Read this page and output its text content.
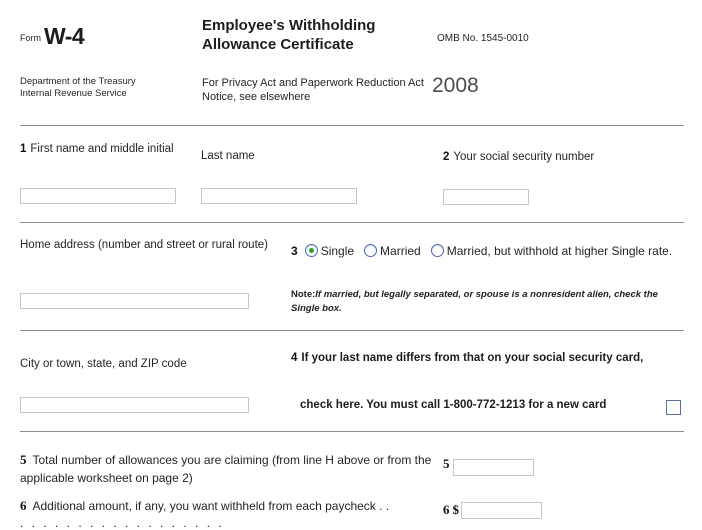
Form W-4
Department of the Treasury
Internal Revenue Service
Employee's Withholding Allowance Certificate
For Privacy Act and Paperwork Reduction Act Notice, see elsewhere
OMB No. 1545-0010
2008
1 First name and middle initial
Last name	2 Your social security number
Home address (number and street or rural route)	3 Single Married Married, but withhold at higher Single rate.
Note:If married, but legally separated, or spouse is a nonresident alien, check the Single box.
City or town, state, and ZIP code	4 If your last name differs from that on your social security card,
check here. You must call 1-800-772-1213 for a new card
5 Total number of allowances you are claiming (from line H above or from the applicable worksheet on page 2)
5
6 Additional amount, if any, you want withheld from each paycheck . .
. . . . . . . . . . . . . . . . . .
6 $
